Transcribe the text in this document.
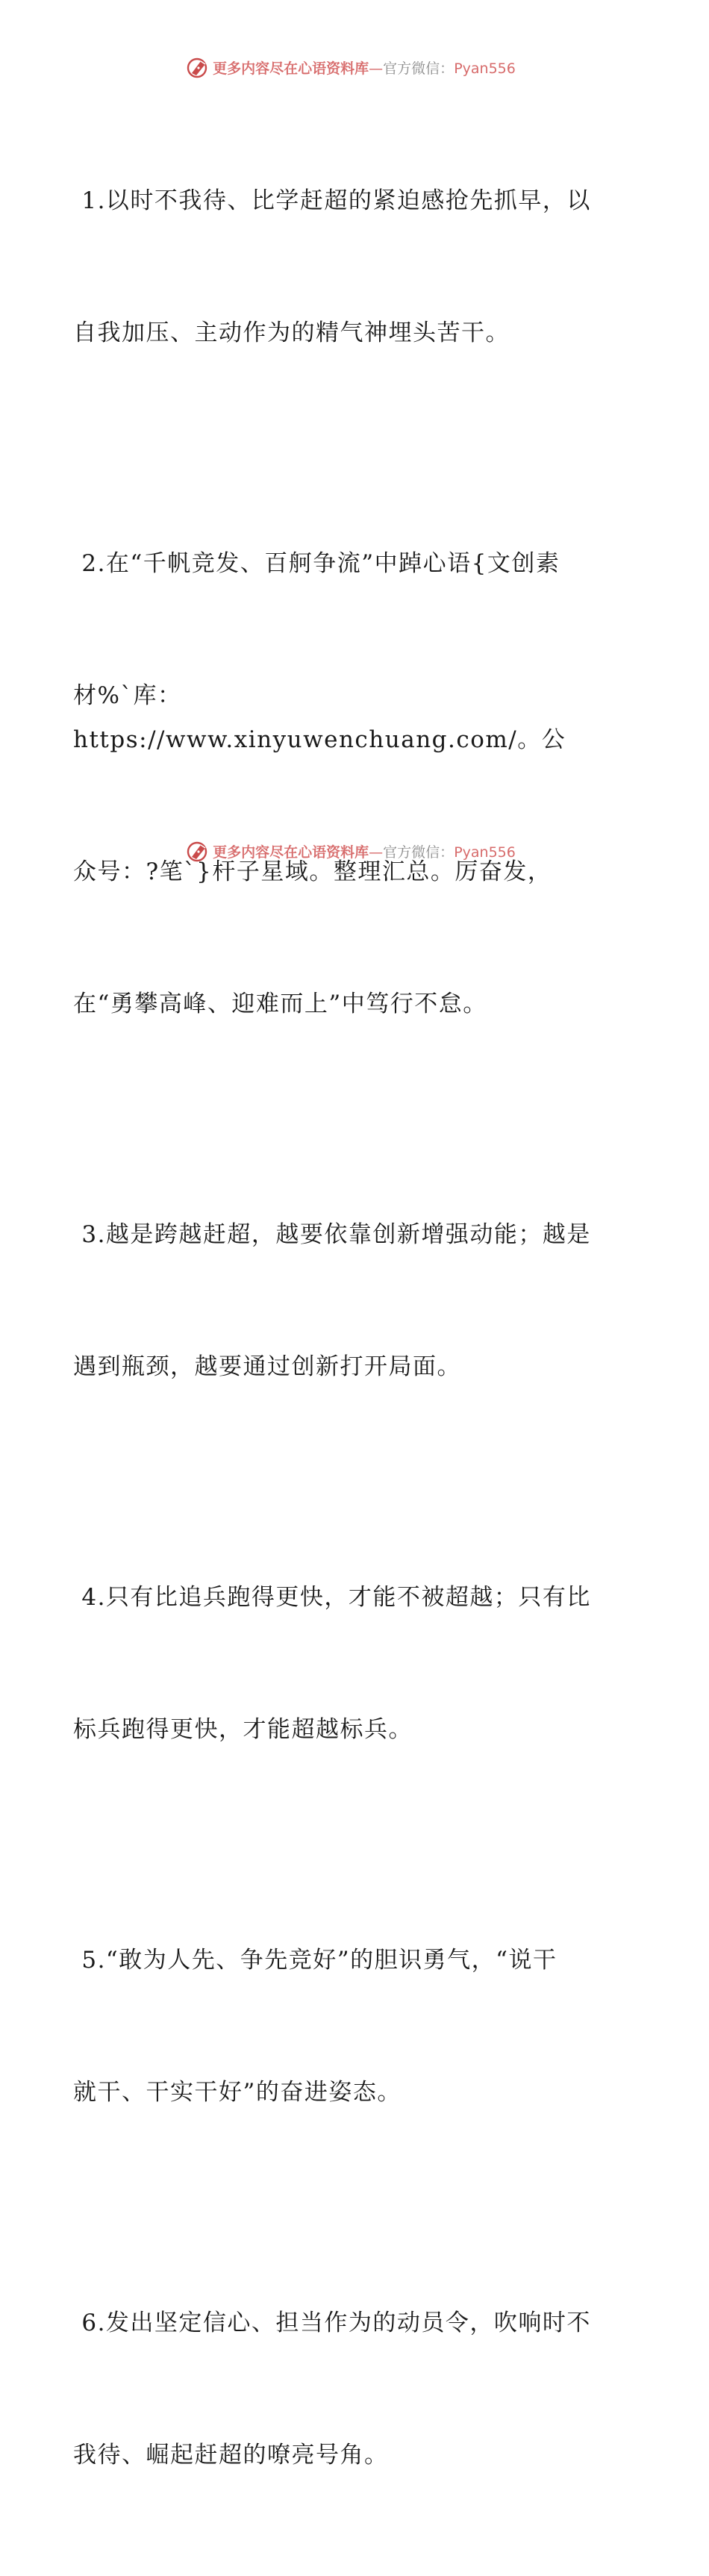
更多内容尽在心语资料库—官方微信：Pyan556

1.以时不我待、比学赶超的紧迫感抢先抓早，以

自我加压、主动作为的精气神埋头苦干。

2.在“千帆竞发、百舸争流”中踔心语{文创素

材%`库：https://www.xinyuwenchuang.com/。公

众号：?笔`}杆子星域。整理汇总。厉奋发，

在“勇攀高峰、迎难而上”中笃行不怠。

3.越是跨越赶超，越要依靠创新增强动能；越是

遇到瓶颈，越要通过创新打开局面。

4.只有比追兵跑得更快，才能不被超越；只有比

标兵跑得更快，才能超越标兵。

5.“敢为人先、争先竞好”的胆识勇气，“说干

就干、干实干好”的奋进姿态。

6.发出坚定信心、担当作为的动员令，吹响时不

我待、崛起赶超的嘹亮号角。

更多内容尽在心语资料库—官方微信：Pyan556
